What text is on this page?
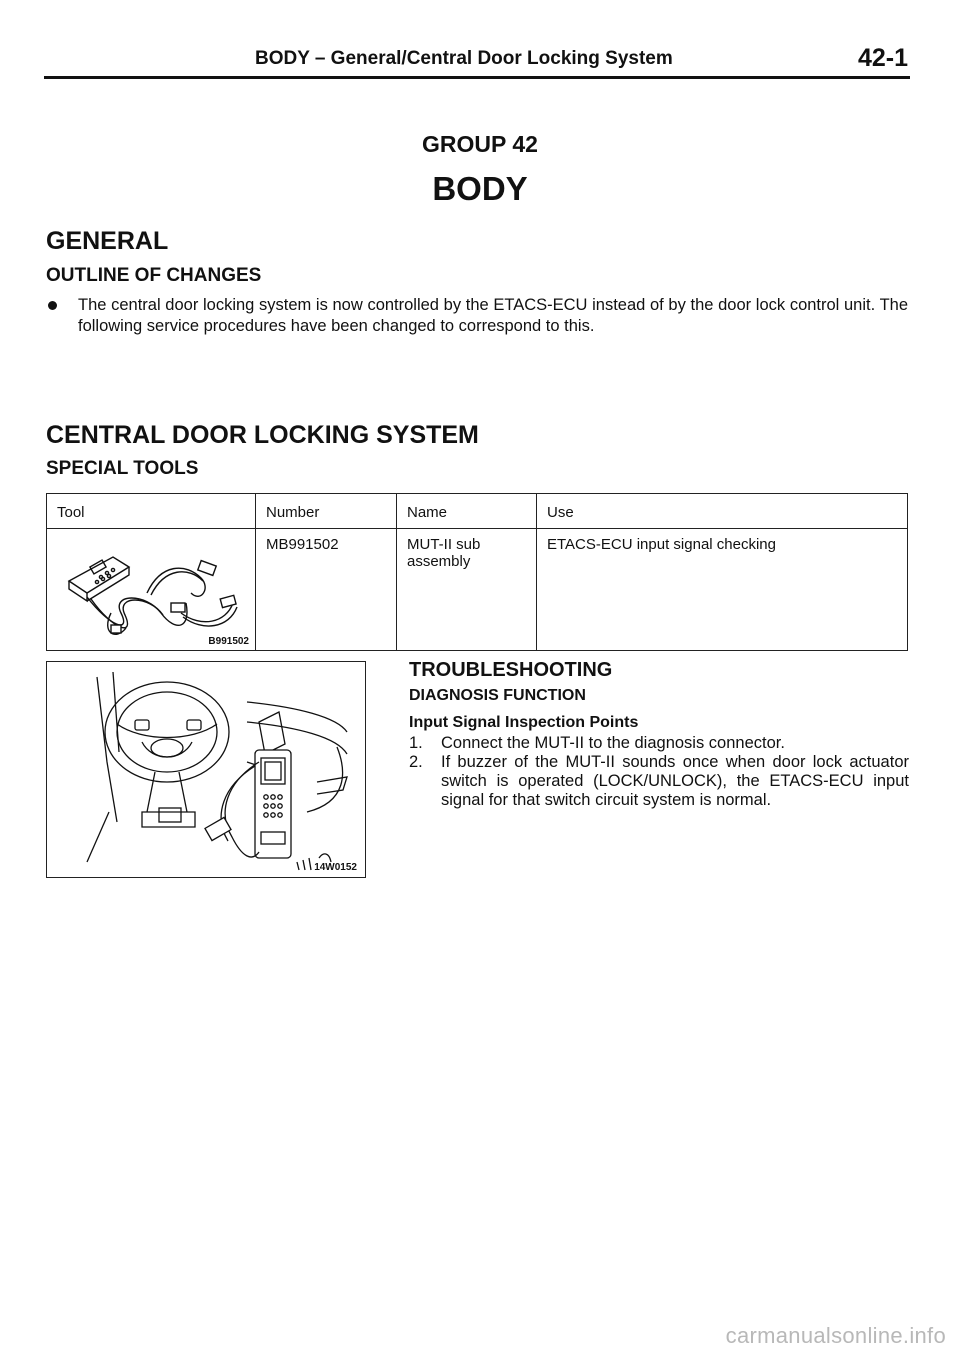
BODY – General/Central Door Locking System	42-1
GROUP 42
BODY
GENERAL
OUTLINE OF CHANGES
The central door locking system is now controlled by the ETACS-ECU instead of by the door lock control unit. The following service procedures have been changed to correspond to this.
CENTRAL DOOR LOCKING SYSTEM
SPECIAL TOOLS
Tool	Number	Name	Use

B991502	MB991502	MUT-II sub assembly	ETACS-ECU input signal checking
14W0152
TROUBLESHOOTING
DIAGNOSIS FUNCTION
Input Signal Inspection Points
1. Connect the MUT-II to the diagnosis connector.
2. If buzzer of the MUT-II sounds once when door lock actuator switch is operated (LOCK/UNLOCK), the ETACS-ECU input signal for that switch circuit system is normal.
carmanualsonline.info
